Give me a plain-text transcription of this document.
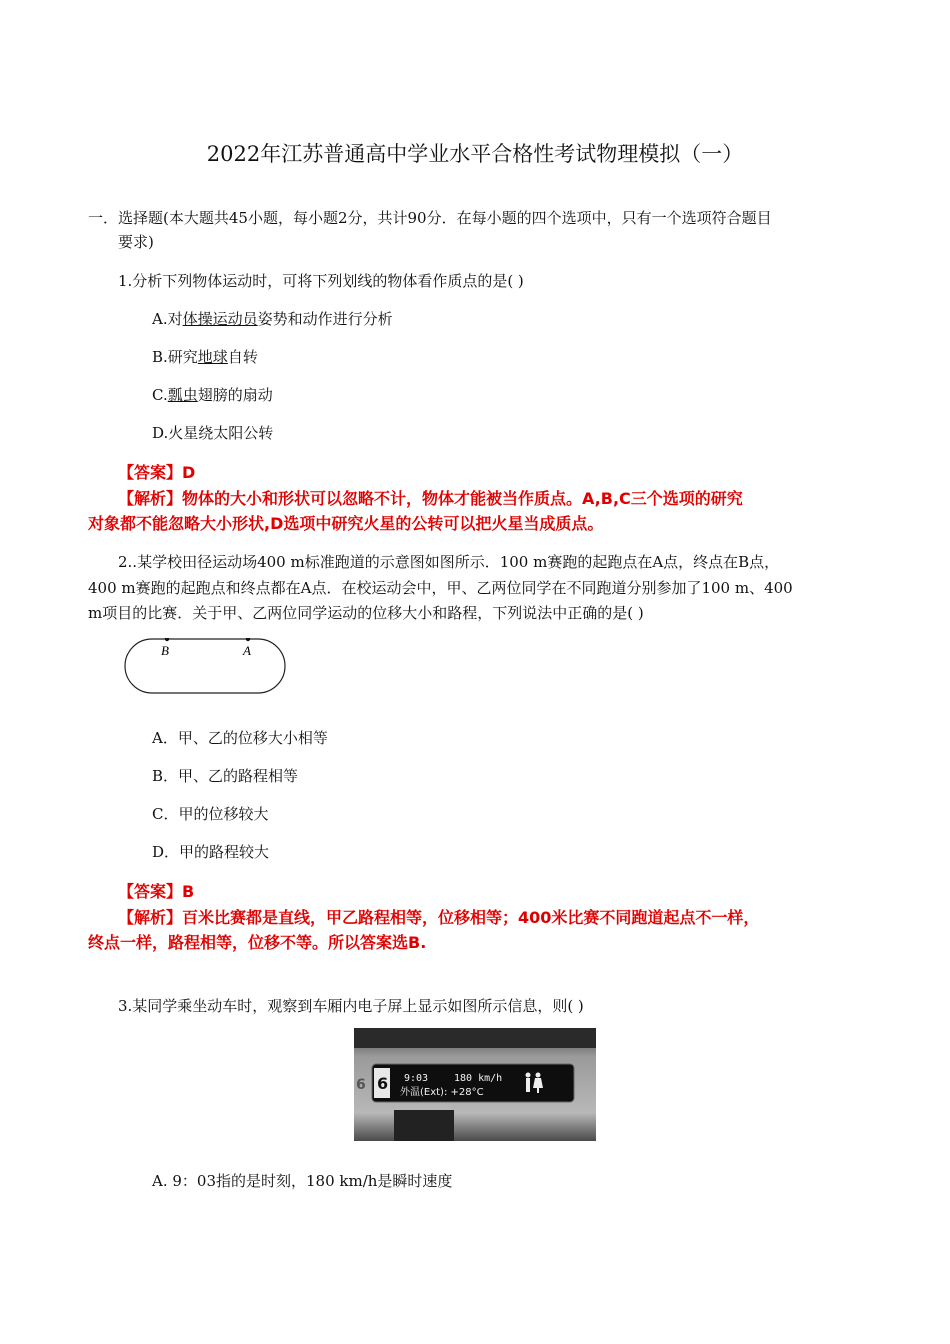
2022年江苏普通高中学业水平合格性考试物理模拟（一）
一．选择题(本大题共45小题，每小题2分，共计90分．在每小题的四个选项中，只有一个选项符合题目
要求)
1.分析下列物体运动时，可将下列划线的物体看作质点的是( )
A.对体操运动员姿势和动作进行分析
B.研究地球自转
C.瓢虫翅膀的扇动
D.火星绕太阳公转
【答案】D
【解析】物体的大小和形状可以忽略不计，物体才能被当作质点。A,B,C三个选项的研究
对象都不能忽略大小形状,D选项中研究火星的公转可以把火星当成质点。
2..某学校田径运动场400 m标准跑道的示意图如图所示．100 m赛跑的起跑点在A点，终点在B点，
400 m赛跑的起跑点和终点都在A点．在校运动会中，甲、乙两位同学在不同跑道分别参加了100 m、400
m项目的比赛．关于甲、乙两位同学运动的位移大小和路程，下列说法中正确的是( )
B	A
A．甲、乙的位移大小相等
B．甲、乙的路程相等
C．甲的位移较大
D．甲的路程较大
【答案】B
【解析】百米比赛都是直线，甲乙路程相等，位移相等；400米比赛不同跑道起点不一样，
终点一样，路程相等，位移不等。所以答案选B.
3.某同学乘坐动车时，观察到车厢内电子屏上显示如图所示信息，则( )
6 6 9:03	180 km/h
外温(Ext): +28°C
A. 9：03指的是时刻，180 km/h是瞬时速度
